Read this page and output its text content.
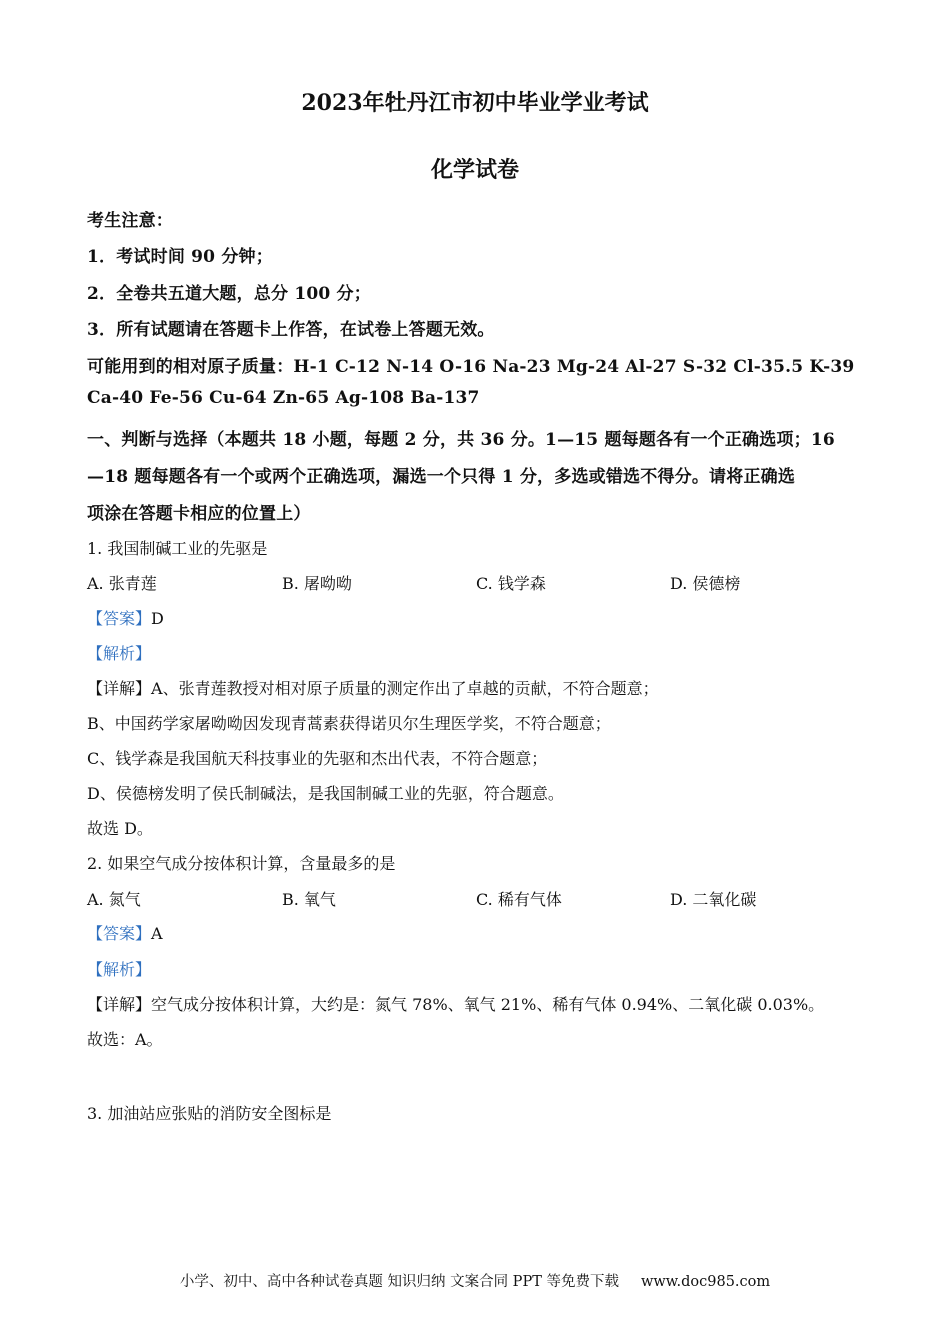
2023年牡丹江市初中毕业学业考试
化学试卷
考生注意：
1．考试时间 90 分钟；
2．全卷共五道大题，总分 100 分；
3．所有试题请在答题卡上作答，在试卷上答题无效。
可能用到的相对原子质量：H-1 C-12 N-14 O-16 Na-23 Mg-24 Al-27 S-32 Cl-35.5 K-39
Ca-40 Fe-56 Cu-64 Zn-65 Ag-108 Ba-137
一、判断与选择（本题共 18 小题，每题 2 分，共 36 分。1—15 题每题各有一个正确选项；16
—18 题每题各有一个或两个正确选项，漏选一个只得 1 分，多选或错选不得分。请将正确选
项涂在答题卡相应的位置上）
1. 我国制碱工业的先驱是
A. 张青莲	B. 屠呦呦	C. 钱学森	D. 侯德榜
【答案】D
【解析】
【详解】A、张青莲教授对相对原子质量的测定作出了卓越的贡献，不符合题意；
B、中国药学家屠呦呦因发现青蒿素获得诺贝尔生理医学奖，不符合题意；
C、钱学森是我国航天科技事业的先驱和杰出代表，不符合题意；
D、侯德榜发明了侯氏制碱法，是我国制碱工业的先驱，符合题意。
故选 D。
2. 如果空气成分按体积计算，含量最多的是
A. 氮气	B. 氧气	C. 稀有气体	D. 二氧化碳
【答案】A
【解析】
【详解】空气成分按体积计算，大约是：氮气 78%、氧气 21%、稀有气体 0.94%、二氧化碳 0.03%。
故选：A。
3. 加油站应张贴的消防安全图标是
小学、初中、高中各种试卷真题 知识归纳 文案合同 PPT 等免费下载 www.doc985.com
